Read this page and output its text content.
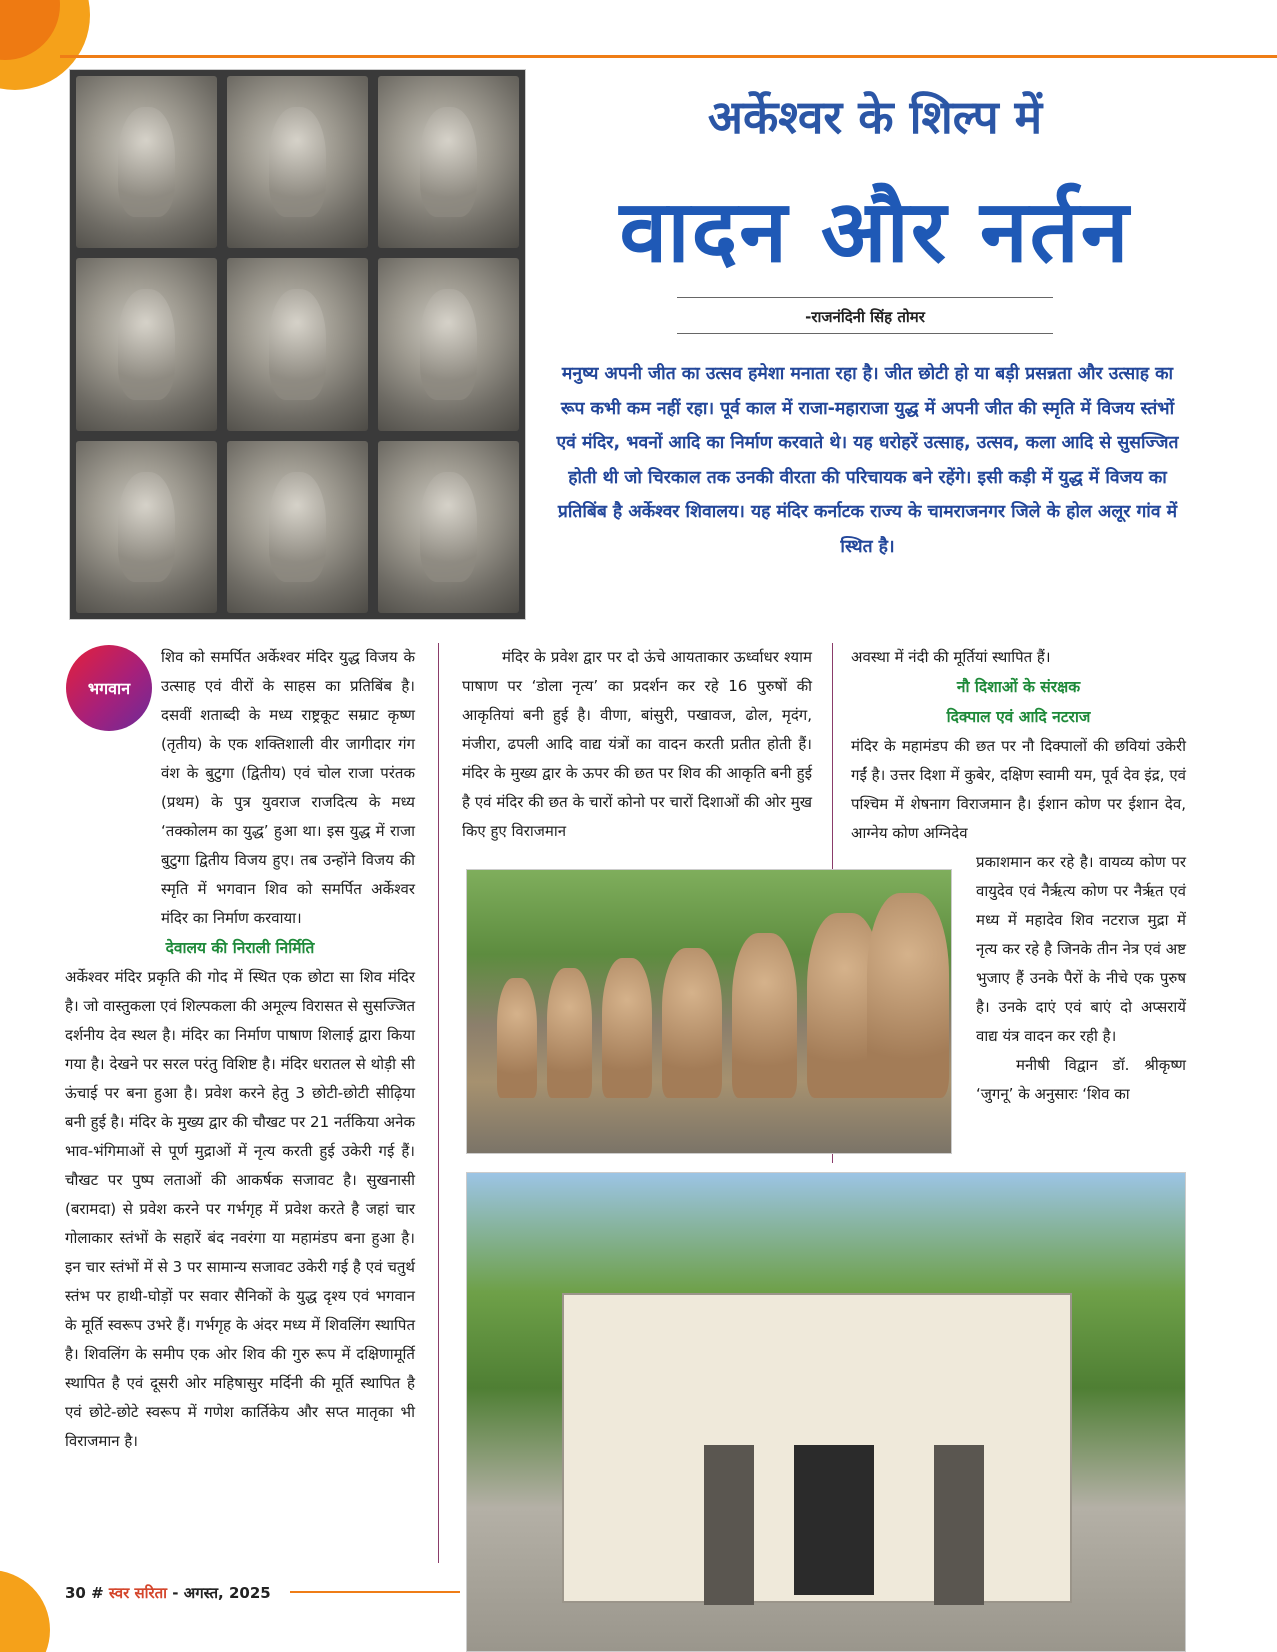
अर्केश्वर के शिल्प में
वादन और नर्तन
-राजनंदिनी सिंह तोमर
मनुष्य अपनी जीत का उत्सव हमेशा मनाता रहा है। जीत छोटी हो या बड़ी प्रसन्नता और उत्साह का रूप कभी कम नहीं रहा। पूर्व काल में राजा-महाराजा युद्ध में अपनी जीत की स्मृति में विजय स्तंभों एवं मंदिर, भवनों आदि का निर्माण करवाते थे। यह धरोहरें उत्साह, उत्सव, कला आदि से सुसज्जित होती थी जो चिरकाल तक उनकी वीरता की परिचायक बने रहेंगे। इसी कड़ी में युद्ध में विजय का प्रतिबिंब है अर्केश्वर शिवालय। यह मंदिर कर्नाटक राज्य के चामराजनगर जिले के होल अलूर गांव में स्थित है।
भगवान

शिव को समर्पित अर्केश्वर मंदिर युद्ध विजय के उत्साह एवं वीरों के साहस का प्रतिबिंब है। दसवीं शताब्दी के मध्य राष्ट्रकूट सम्राट कृष्ण (तृतीय) के एक शक्तिशाली वीर जागीदार गंग वंश के बुटुगा (द्वितीय) एवं चोल राजा परंतक (प्रथम) के पुत्र युवराज राजदित्य के मध्य ‘तक्कोलम का युद्ध’ हुआ था। इस युद्ध में राजा बुटुगा द्वितीय विजय हुए। तब उन्होंने विजय की स्मृति में भगवान शिव को समर्पित अर्केश्वर मंदिर का निर्माण करवाया।

देवालय की निराली निर्मिति

अर्केश्वर मंदिर प्रकृति की गोद में स्थित एक छोटा सा शिव मंदिर है। जो वास्तुकला एवं शिल्पकला की अमूल्य विरासत से सुसज्जित दर्शनीय देव स्थल है। मंदिर का निर्माण पाषाण शिलाई द्वारा किया गया है। देखने पर सरल परंतु विशिष्ट है। मंदिर धरातल से थोड़ी सी ऊंचाई पर बना हुआ है। प्रवेश करने हेतु 3 छोटी-छोटी सीढ़िया बनी हुई है। मंदिर के मुख्य द्वार की चौखट पर 21 नर्तकिया अनेक भाव-भंगिमाओं से पूर्ण मुद्राओं में नृत्य करती हुई उकेरी गई हैं। चौखट पर पुष्प लताओं की आकर्षक सजावट है। सुखनासी (बरामदा) से प्रवेश करने पर गर्भगृह में प्रवेश करते है जहां चार गोलाकार स्तंभों के सहारें बंद नवरंगा या महामंडप बना हुआ है। इन चार स्तंभों में से 3 पर सामान्य सजावट उकेरी गई है एवं चतुर्थ स्तंभ पर हाथी-घोड़ों पर सवार सैनिकों के युद्ध दृश्य एवं भगवान के मूर्ति स्वरूप उभरे हैं। गर्भगृह के अंदर मध्य में शिवलिंग स्थापित है। शिवलिंग के समीप एक ओर शिव की गुरु रूप में दक्षिणामूर्ति स्थापित है एवं दूसरी ओर महिषासुर मर्दिनी की मूर्ति स्थापित है एवं छोटे-छोटे स्वरूप में गणेश कार्तिकेय और सप्त मातृका भी विराजमान है।

मंदिर के प्रवेश द्वार पर दो ऊंचे आयताकार ऊर्ध्वाधर श्याम पाषाण पर ‘डोला नृत्य’ का प्रदर्शन कर रहे 16 पुरुषों की आकृतियां बनी हुई है। वीणा, बांसुरी, पखावज, ढोल, मृदंग, मंजीरा, ढपली आदि वाद्य यंत्रों का वादन करती प्रतीत होती हैं। मंदिर के मुख्य द्वार के ऊपर की छत पर शिव की आकृति बनी हुई है एवं मंदिर की छत के चारों कोनो पर चारों दिशाओं की ओर मुख किए हुए विराजमान

अवस्था में नंदी की मूर्तियां स्थापित हैं।

नौ दिशाओं के संरक्षक

दिक्पाल एवं आदि नटराज

मंदिर के महामंडप की छत पर नौ दिक्पालों की छवियां उकेरी गईं है। उत्तर दिशा में कुबेर, दक्षिण स्वामी यम, पूर्व देव इंद्र, एवं पश्चिम में शेषनाग विराजमान है। ईशान कोण पर ईशान देव, आग्नेय कोण अग्निदेव

प्रकाशमान कर रहे है। वायव्य कोण पर वायुदेव एवं नैर्ऋत्य कोण पर नैर्ऋत एवं मध्य में महादेव शिव नटराज मुद्रा में नृत्य कर रहे है जिनके तीन नेत्र एवं अष्ट भुजाए हैं उनके पैरों के नीचे एक पुरुष है। उनके दाएं एवं बाएं दो अप्सरायें वाद्य यंत्र वादन कर रही है।

मनीषी विद्वान डॉ. श्रीकृष्ण ‘जुगनू’ के अनुसारः ‘शिव का

30 # स्वर सरिता - अगस्त, 2025
